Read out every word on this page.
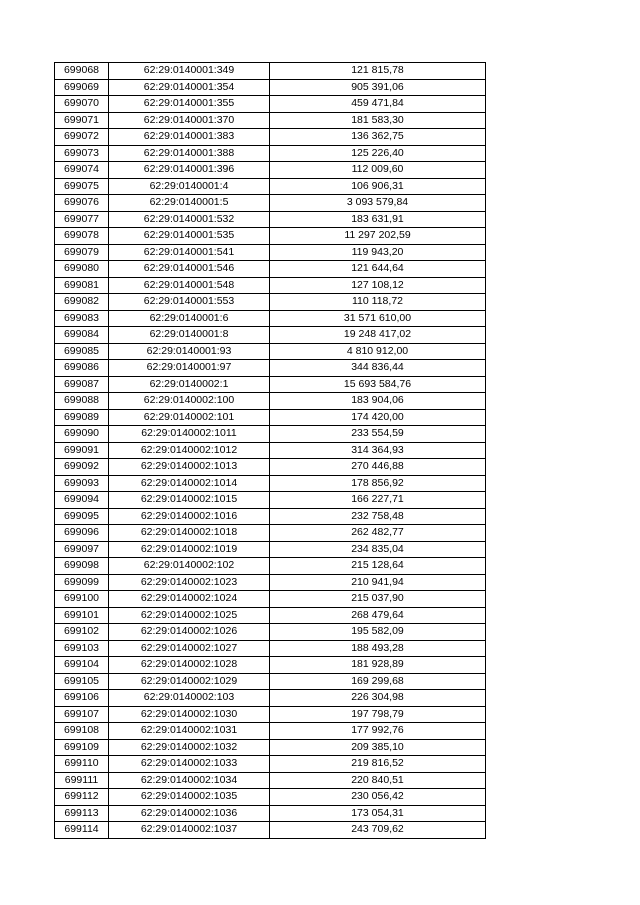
699068	62:29:0140001:349	121 815,78
699069	62:29:0140001:354	905 391,06
699070	62:29:0140001:355	459 471,84
699071	62:29:0140001:370	181 583,30
699072	62:29:0140001:383	136 362,75
699073	62:29:0140001:388	125 226,40
699074	62:29:0140001:396	112 009,60
699075	62:29:0140001:4	106 906,31
699076	62:29:0140001:5	3 093 579,84
699077	62:29:0140001:532	183 631,91
699078	62:29:0140001:535	11 297 202,59
699079	62:29:0140001:541	119 943,20
699080	62:29:0140001:546	121 644,64
699081	62:29:0140001:548	127 108,12
699082	62:29:0140001:553	110 118,72
699083	62:29:0140001:6	31 571 610,00
699084	62:29:0140001:8	19 248 417,02
699085	62:29:0140001:93	4 810 912,00
699086	62:29:0140001:97	344 836,44
699087	62:29:0140002:1	15 693 584,76
699088	62:29:0140002:100	183 904,06
699089	62:29:0140002:101	174 420,00
699090	62:29:0140002:1011	233 554,59
699091	62:29:0140002:1012	314 364,93
699092	62:29:0140002:1013	270 446,88
699093	62:29:0140002:1014	178 856,92
699094	62:29:0140002:1015	166 227,71
699095	62:29:0140002:1016	232 758,48
699096	62:29:0140002:1018	262 482,77
699097	62:29:0140002:1019	234 835,04
699098	62:29:0140002:102	215 128,64
699099	62:29:0140002:1023	210 941,94
699100	62:29:0140002:1024	215 037,90
699101	62:29:0140002:1025	268 479,64
699102	62:29:0140002:1026	195 582,09
699103	62:29:0140002:1027	188 493,28
699104	62:29:0140002:1028	181 928,89
699105	62:29:0140002:1029	169 299,68
699106	62:29:0140002:103	226 304,98
699107	62:29:0140002:1030	197 798,79
699108	62:29:0140002:1031	177 992,76
699109	62:29:0140002:1032	209 385,10
699110	62:29:0140002:1033	219 816,52
699111	62:29:0140002:1034	220 840,51
699112	62:29:0140002:1035	230 056,42
699113	62:29:0140002:1036	173 054,31
699114	62:29:0140002:1037	243 709,62
